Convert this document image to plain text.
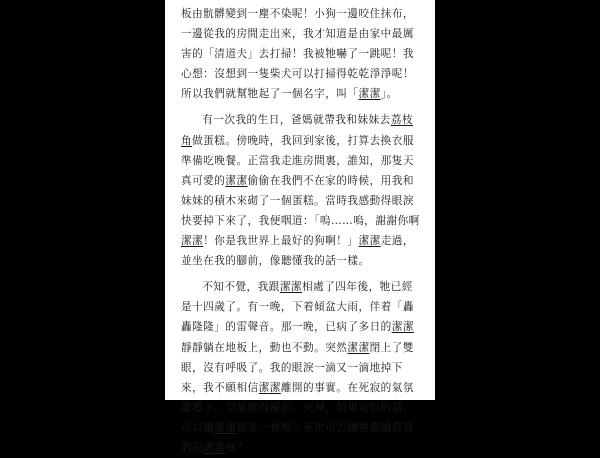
板由骯髒變到一塵不染呢！小狗一邊咬住抹布，一邊從我的房間走出來，我才知道是由家中最厲害的「清道夫」去打掃！我被牠嚇了一跳呢！我心想：沒想到一隻柴犬可以打掃得乾乾淨淨呢！所以我們就幫牠起了一個名字，叫「潔潔」。

有一次我的生日，爸媽就帶我和妹妹去荔枝角做蛋糕。傍晚時，我回到家後，打算去換衣服準備吃晚餐。正當我走進房間裏，誰知，那隻天真可愛的潔潔偷偷在我們不在家的時候，用我和妹妹的積木來砌了一個蛋糕。當時我感動得眼淚快要掉下來了，我便咽道：「嗚……嗚，謝謝你啊潔潔！你是我世界上最好的狗啊！」潔潔走過，並坐在我的腳前，像聽懂我的話一樣。

不知不覺，我跟潔潔相處了四年後，牠已經是十四歲了。有一晚，下着傾盆大雨，伴着「轟轟隆隆」的雷聲音。那一晚，已病了多日的潔潔靜靜躺在地板上，動也不動。突然潔潔閉上了雙眼，沒有呼吸了。我的眼淚一滴又一滴地掉下來，我不願相信潔潔離開的事實。在死寂的氣氛籠罩下，空氣變得凝固。死神，如果可以的話，可以讓潔潔留多一會嗎？來世可否讓牠繼續當我們的潔潔嗎？
